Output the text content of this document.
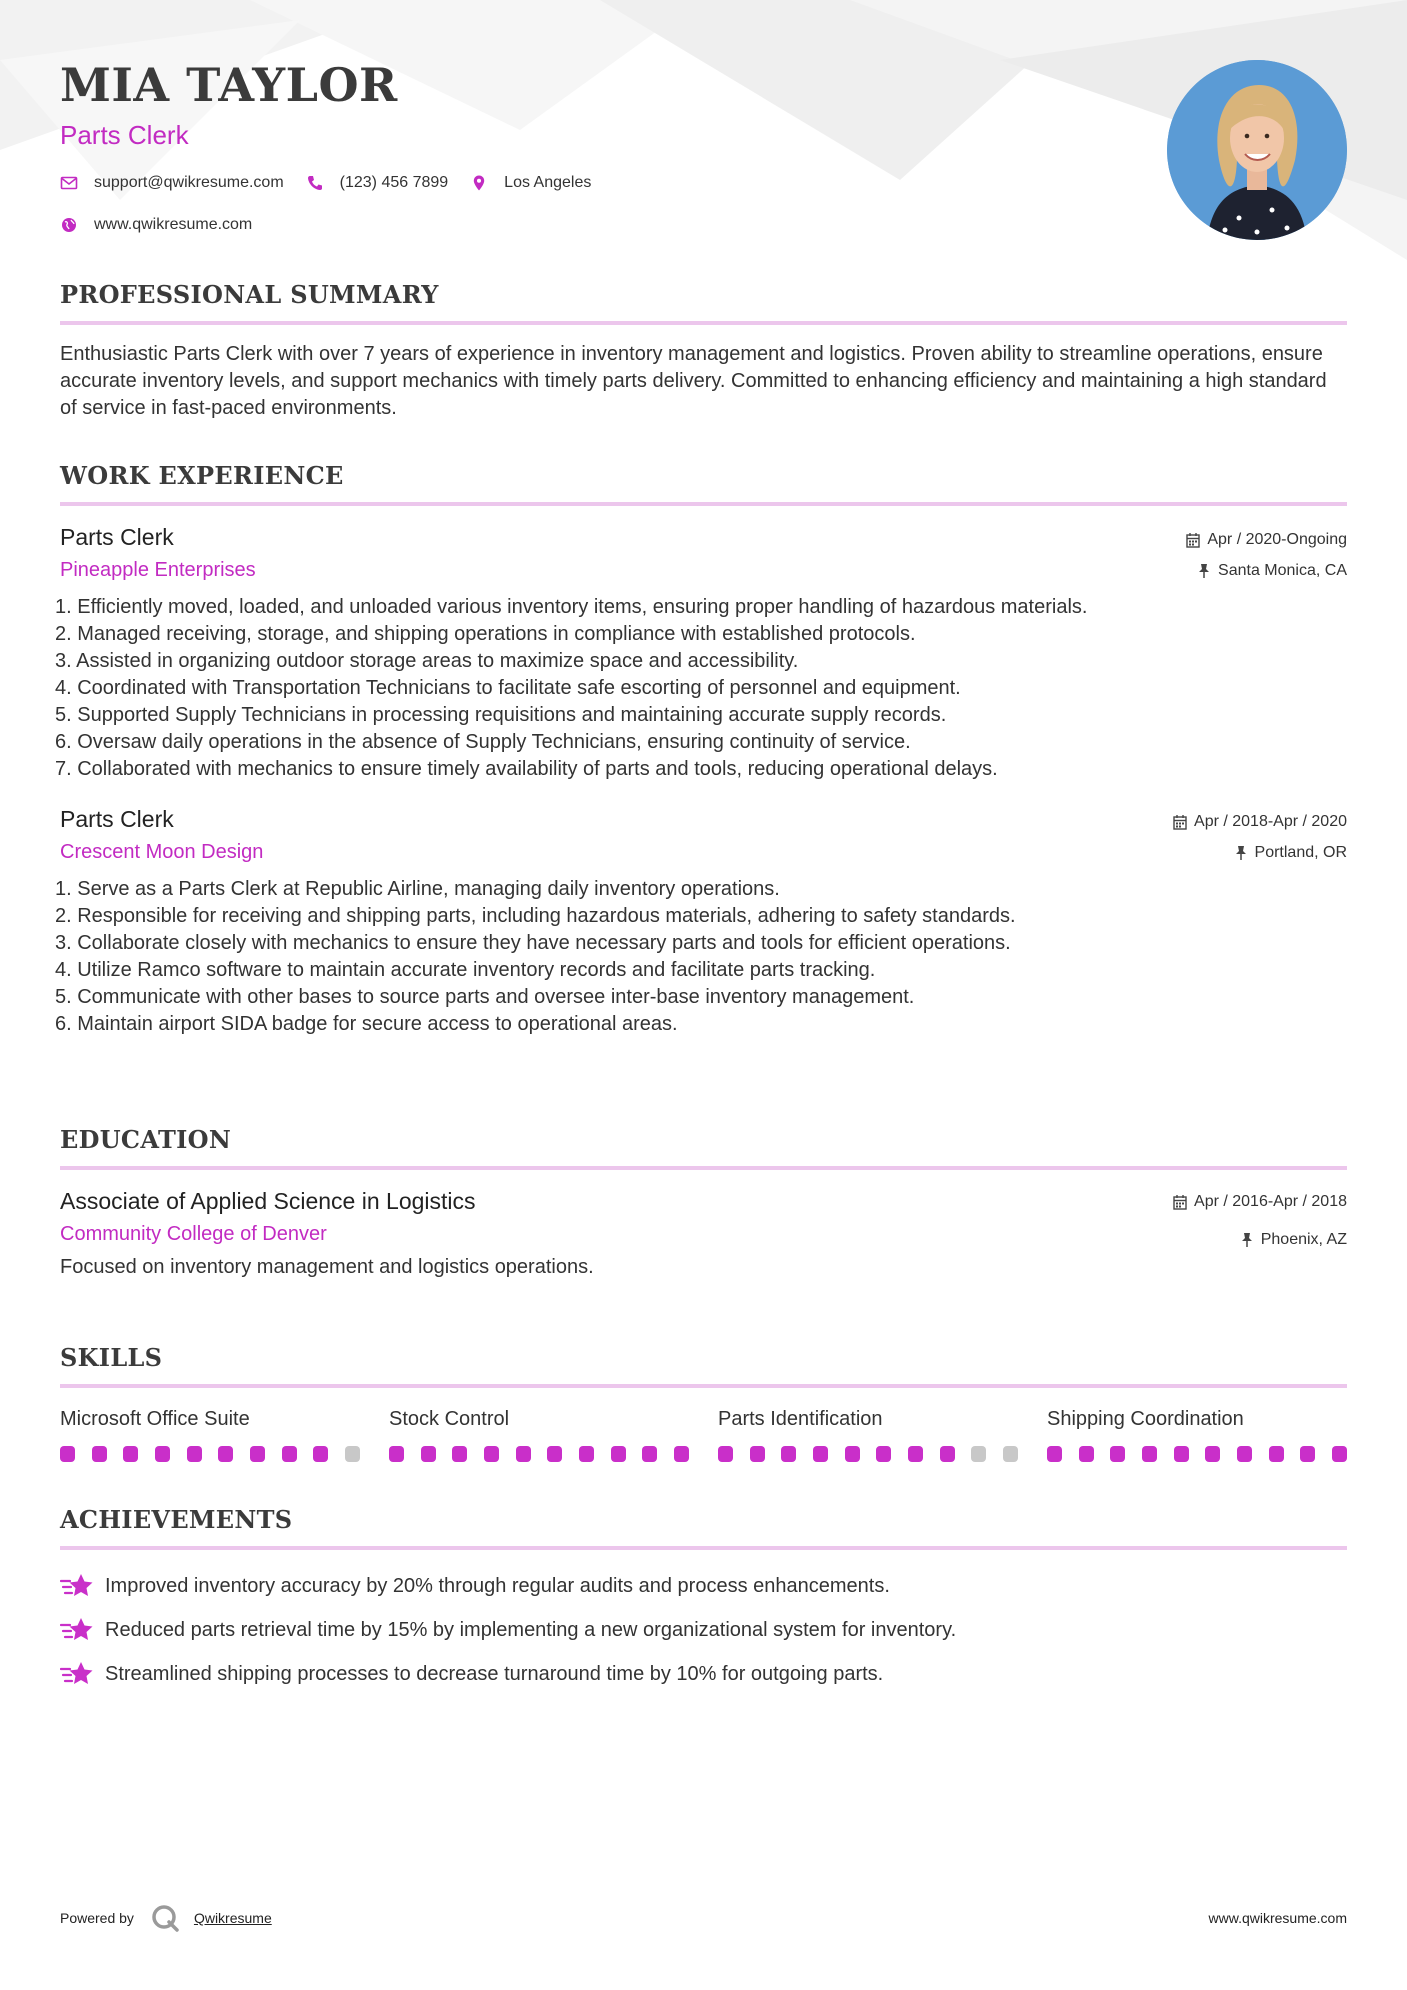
MIA TAYLOR
Parts Clerk
support@qwikresume.com	(123) 456 7899	Los Angeles
www.qwikresume.com
PROFESSIONAL SUMMARY

Enthusiastic Parts Clerk with over 7 years of experience in inventory management and logistics. Proven ability to streamline operations, ensure accurate inventory levels, and support mechanics with timely parts delivery. Committed to enhancing efficiency and maintaining a high standard of service in fast-paced environments.

WORK EXPERIENCE
Apr / 2020-Ongoing
Santa Monica, CA
Parts Clerk
Pineapple Enterprises
1. Efficiently moved, loaded, and unloaded various inventory items, ensuring proper handling of hazardous materials.
2. Managed receiving, storage, and shipping operations in compliance with established protocols.
3. Assisted in organizing outdoor storage areas to maximize space and accessibility.
4. Coordinated with Transportation Technicians to facilitate safe escorting of personnel and equipment.
5. Supported Supply Technicians in processing requisitions and maintaining accurate supply records.
6. Oversaw daily operations in the absence of Supply Technicians, ensuring continuity of service.
7. Collaborated with mechanics to ensure timely availability of parts and tools, reducing operational delays.
Apr / 2018-Apr / 2020
Portland, OR
Parts Clerk
Crescent Moon Design
1. Serve as a Parts Clerk at Republic Airline, managing daily inventory operations.
2. Responsible for receiving and shipping parts, including hazardous materials, adhering to safety standards.
3. Collaborate closely with mechanics to ensure they have necessary parts and tools for efficient operations.
4. Utilize Ramco software to maintain accurate inventory records and facilitate parts tracking.
5. Communicate with other bases to source parts and oversee inter-base inventory management.
6. Maintain airport SIDA badge for secure access to operational areas.
EDUCATION
Apr / 2016-Apr / 2018
Phoenix, AZ
Associate of Applied Science in Logistics
Community College of Denver
Focused on inventory management and logistics operations.
SKILLS
Microsoft Office Suite	Stock Control	Parts Identification	Shipping Coordination
ACHIEVEMENTS
Improved inventory accuracy by 20% through regular audits and process enhancements.
Reduced parts retrieval time by 15% by implementing a new organizational system for inventory.
Streamlined shipping processes to decrease turnaround time by 10% for outgoing parts.
Powered by	Qwikresume	www.qwikresume.com
